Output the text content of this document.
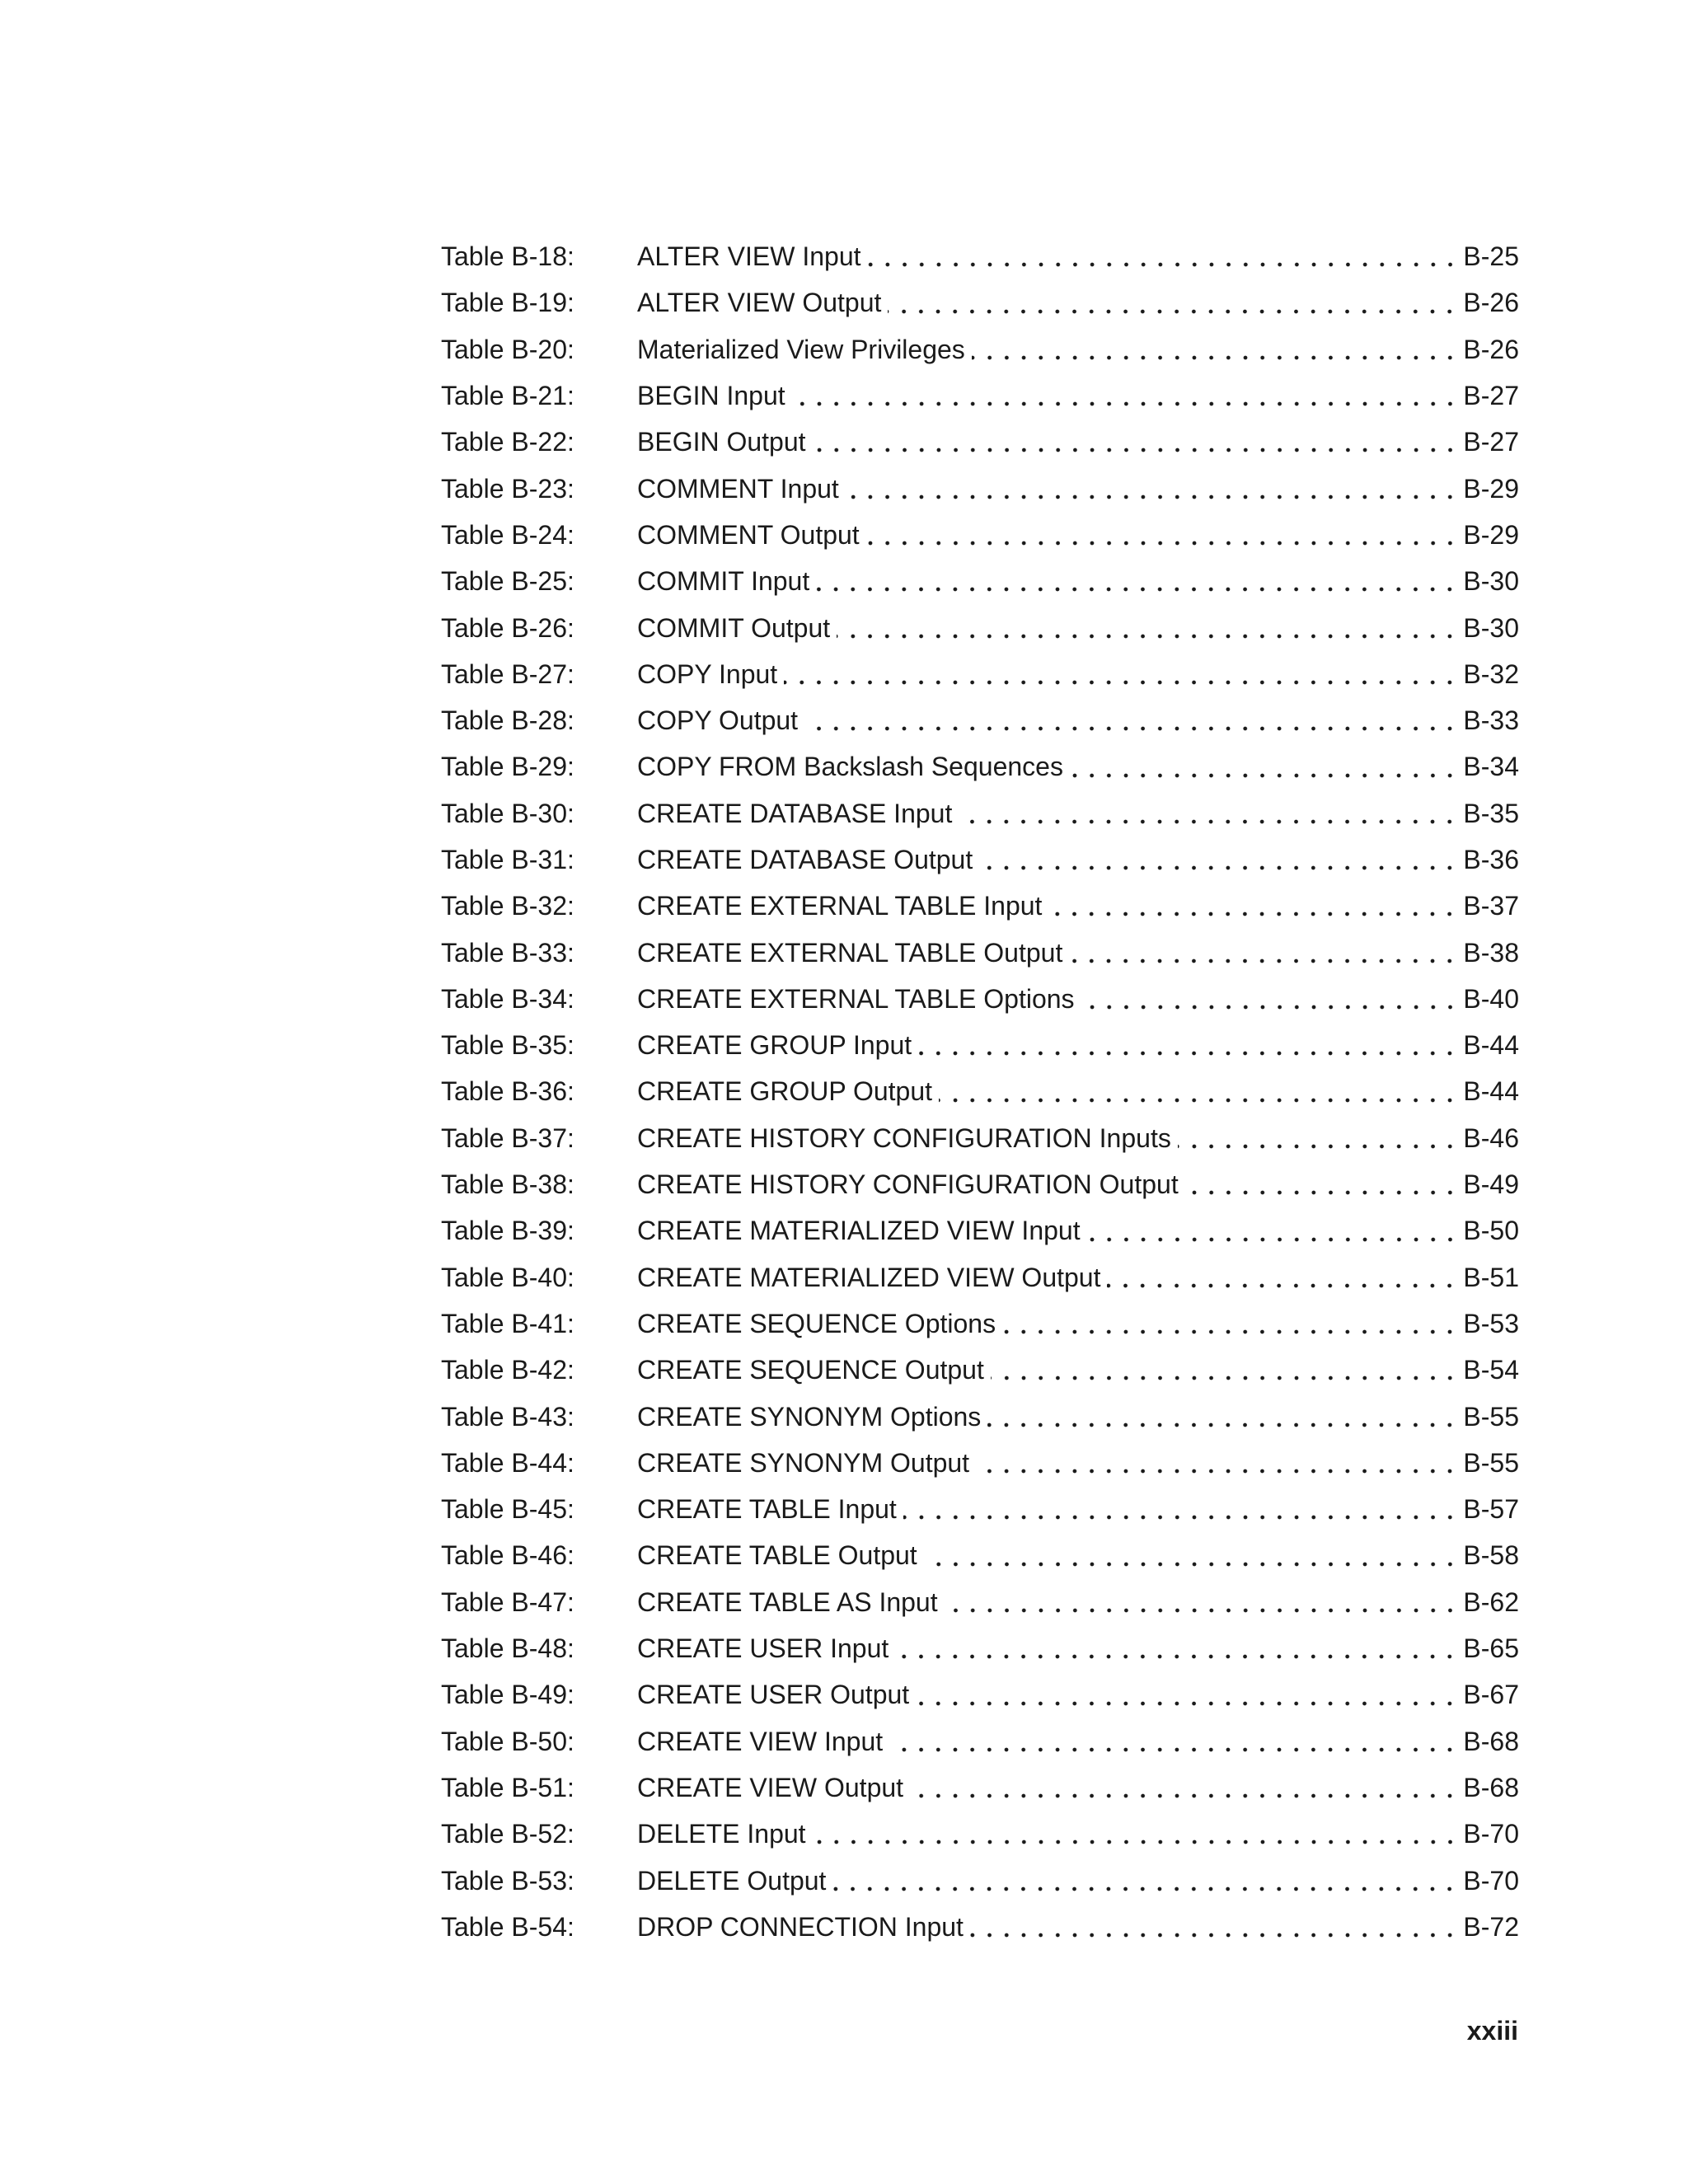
Table B-18:	ALTER VIEW Input	B-25
Table B-19:	ALTER VIEW Output	B-26
Table B-20:	Materialized View Privileges	B-26
Table B-21:	BEGIN Input	B-27
Table B-22:	BEGIN Output	B-27
Table B-23:	COMMENT Input	B-29
Table B-24:	COMMENT Output	B-29
Table B-25:	COMMIT Input	B-30
Table B-26:	COMMIT Output	B-30
Table B-27:	COPY Input	B-32
Table B-28:	COPY Output	B-33
Table B-29:	COPY FROM Backslash Sequences	B-34
Table B-30:	CREATE DATABASE Input	B-35
Table B-31:	CREATE DATABASE Output	B-36
Table B-32:	CREATE EXTERNAL TABLE Input	B-37
Table B-33:	CREATE EXTERNAL TABLE Output	B-38
Table B-34:	CREATE EXTERNAL TABLE Options	B-40
Table B-35:	CREATE GROUP Input	B-44
Table B-36:	CREATE GROUP Output	B-44
Table B-37:	CREATE HISTORY CONFIGURATION Inputs	B-46
Table B-38:	CREATE HISTORY CONFIGURATION Output	B-49
Table B-39:	CREATE MATERIALIZED VIEW Input	B-50
Table B-40:	CREATE MATERIALIZED VIEW Output	B-51
Table B-41:	CREATE SEQUENCE Options	B-53
Table B-42:	CREATE SEQUENCE Output	B-54
Table B-43:	CREATE SYNONYM Options	B-55
Table B-44:	CREATE SYNONYM Output	B-55
Table B-45:	CREATE TABLE Input	B-57
Table B-46:	CREATE TABLE Output	B-58
Table B-47:	CREATE TABLE AS Input	B-62
Table B-48:	CREATE USER Input	B-65
Table B-49:	CREATE USER Output	B-67
Table B-50:	CREATE VIEW Input	B-68
Table B-51:	CREATE VIEW Output	B-68
Table B-52:	DELETE Input	B-70
Table B-53:	DELETE Output	B-70
Table B-54:	DROP CONNECTION Input	B-72
xxiii
